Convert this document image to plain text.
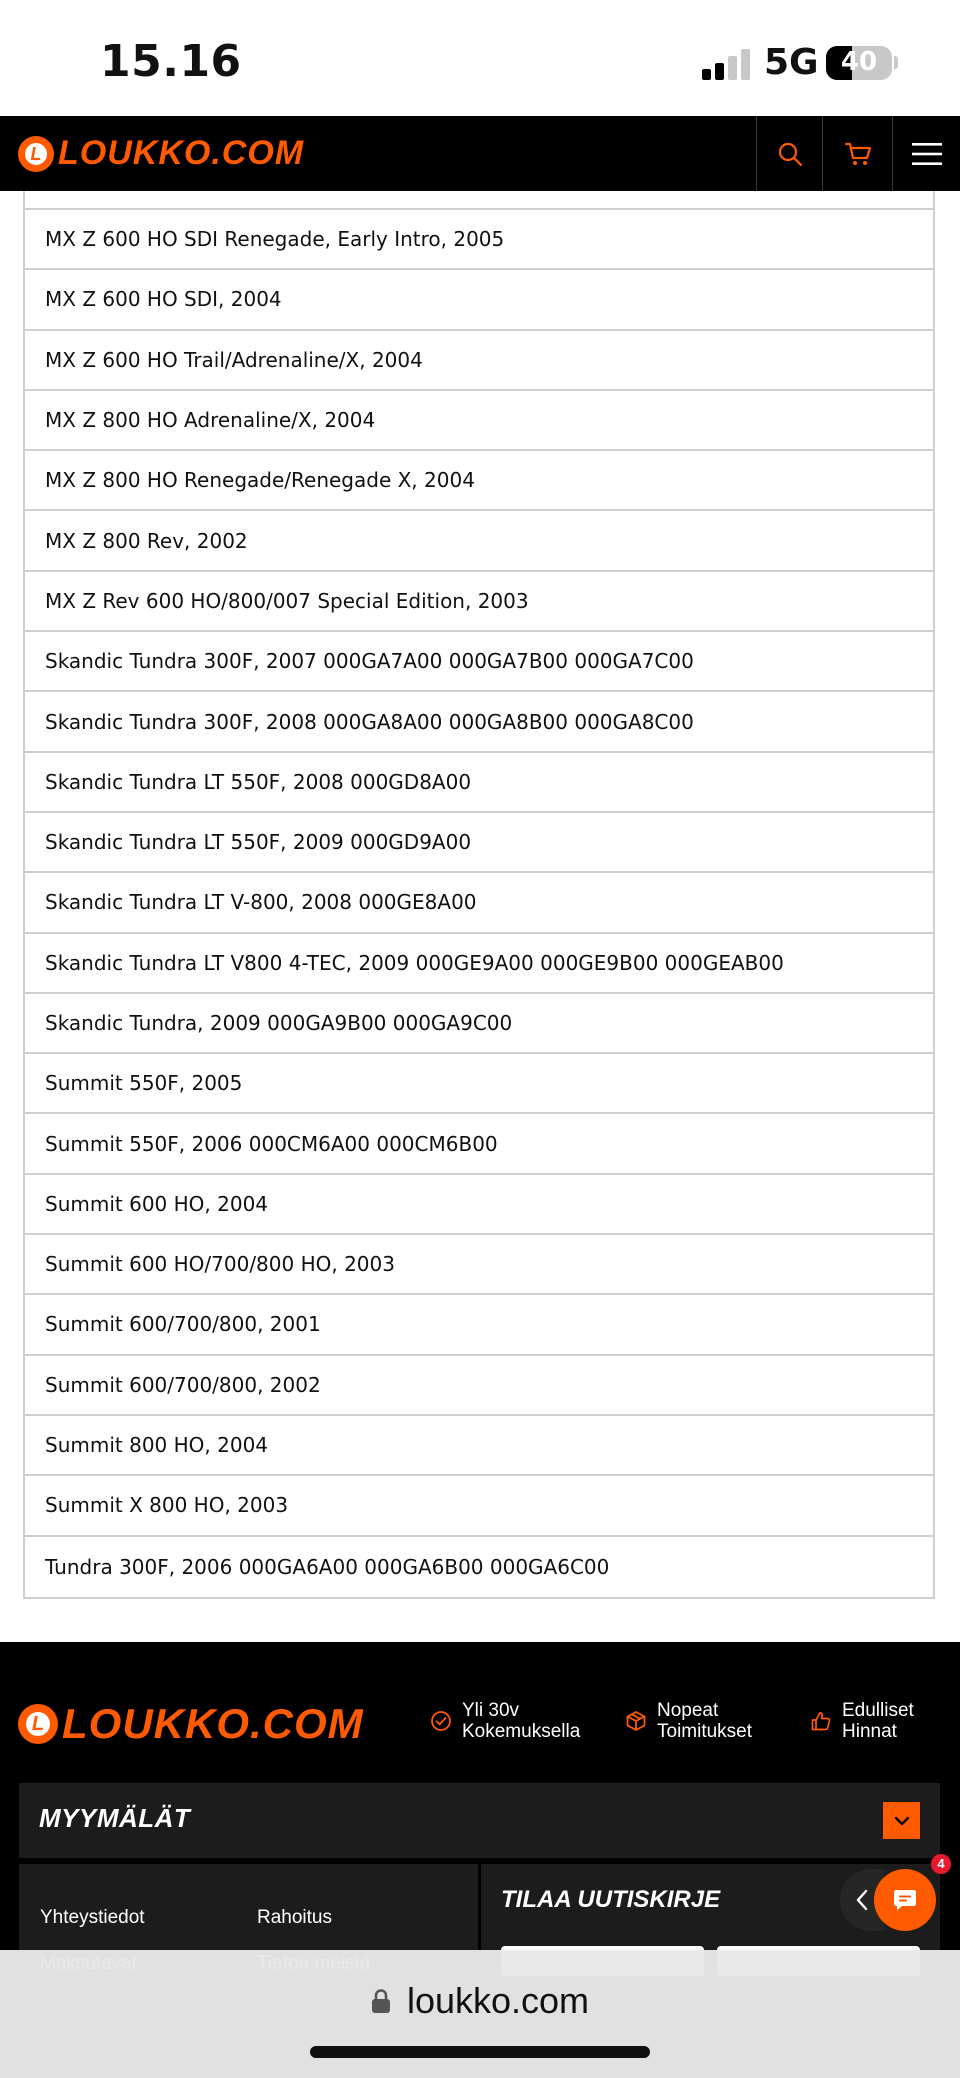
15.16	5G 40
L
LOUKKO.COM
MX Z 600 HO SDI Renegade, Early Intro, 2005
MX Z 600 HO SDI, 2004
MX Z 600 HO Trail/Adrenaline/X, 2004
MX Z 800 HO Adrenaline/X, 2004
MX Z 800 HO Renegade/Renegade X, 2004
MX Z 800 Rev, 2002
MX Z Rev 600 HO/800/007 Special Edition, 2003
Skandic Tundra 300F, 2007 000GA7A00 000GA7B00 000GA7C00
Skandic Tundra 300F, 2008 000GA8A00 000GA8B00 000GA8C00
Skandic Tundra LT 550F, 2008 000GD8A00
Skandic Tundra LT 550F, 2009 000GD9A00
Skandic Tundra LT V-800, 2008 000GE8A00
Skandic Tundra LT V800 4-TEC, 2009 000GE9A00 000GE9B00 000GEAB00
Skandic Tundra, 2009 000GA9B00 000GA9C00
Summit 550F, 2005
Summit 550F, 2006 000CM6A00 000CM6B00
Summit 600 HO, 2004
Summit 600 HO/700/800 HO, 2003
Summit 600/700/800, 2001
Summit 600/700/800, 2002
Summit 800 HO, 2004
Summit X 800 HO, 2003
Tundra 300F, 2006 000GA6A00 000GA6B00 000GA6C00
L
LOUKKO.COM	Yli 30v
Kokemuksella
Nopeat
Toimitukset
Edulliset
Hinnat
MYYMÄLÄT
Yhteystiedot	Rahoitus
TILAA UUTISKIRJE
4
loukko.com
